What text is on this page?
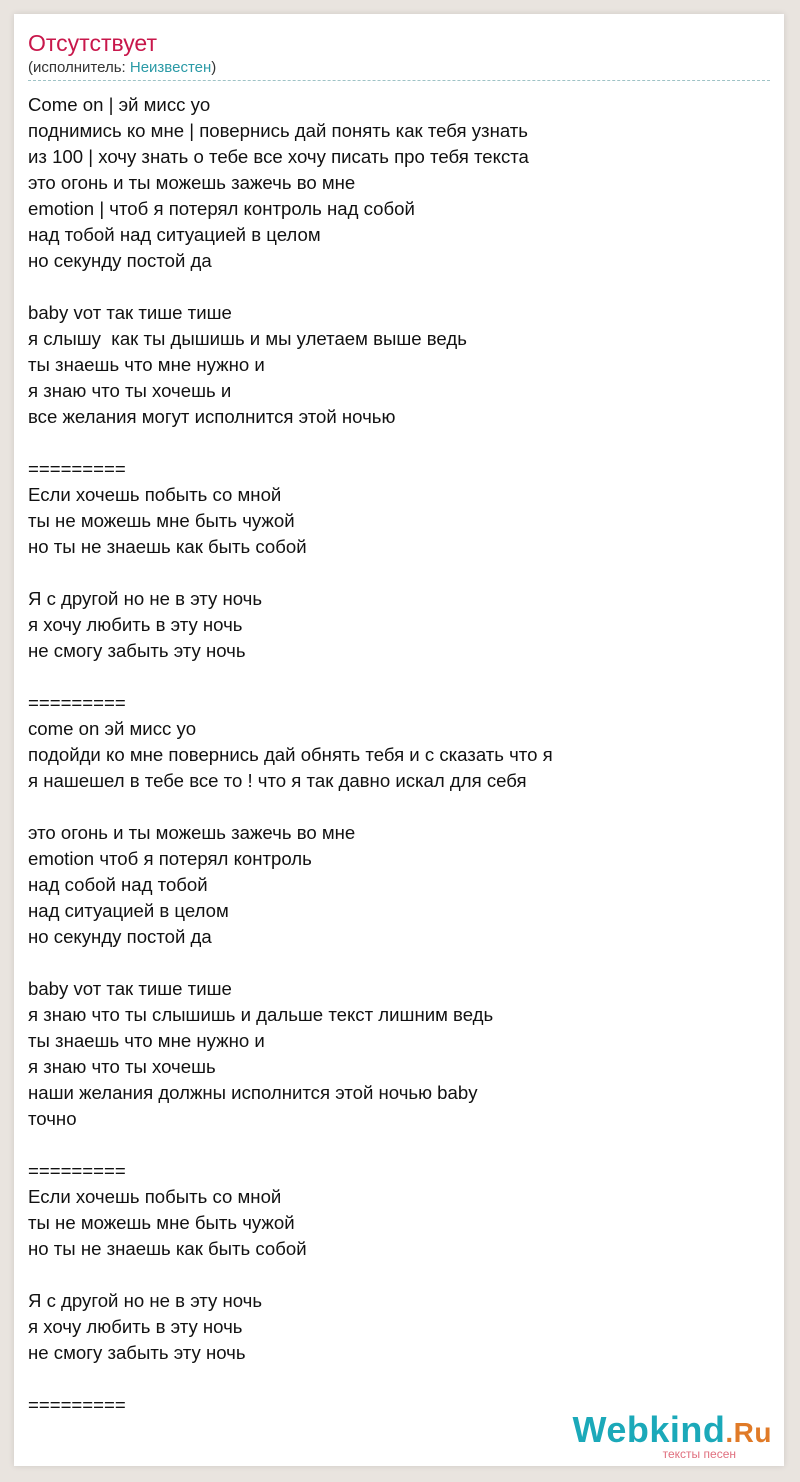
Отсутствует
(исполнитель: Неизвестен)
Come on | эй мисс yo
поднимись ко мне | повернись дай понять как тебя узнать
из 100 | хочу знать о тебе все хочу писать про тебя текста
это огонь и ты можешь зажечь во мне
emotion | чтоб я потерял контроль над собой
над тобой над ситуацией в целом
но секунду постой да
baby vот так тише тише
я слышу  как ты дышишь и мы улетаем выше ведь
ты знаешь что мне нужно и
я знаю что ты хочешь и
все желания могут исполнится этой ночью
=========
Если хочешь побыть со мной
ты не можешь мне быть чужой
но ты не знаешь как быть собой
Я с другой но не в эту ночь
я хочу любить в эту ночь
не смогу забыть эту ночь
=========
come on эй мисс yo
подойди ко мне повернись дай обнять тебя и с сказать что я
я нашешел в тебе все то ! что я так давно искал для себя
это огонь и ты можешь зажечь во мне
emotion чтоб я потерял контроль
над собой над тобой
над ситуацией в целом
но секунду постой да
baby vот так тише тише
я знаю что ты слышишь и дальше текст лишним ведь
ты знаешь что мне нужно и
я знаю что ты хочешь
наши желания должны исполнится этой ночью baby
точно
=========
Если хочешь побыть со мной
ты не можешь мне быть чужой
но ты не знаешь как быть собой
Я с другой но не в эту ночь
я хочу любить в эту ночь
не смогу забыть эту ночь
=========
Webkind.Ru
тексты песен
